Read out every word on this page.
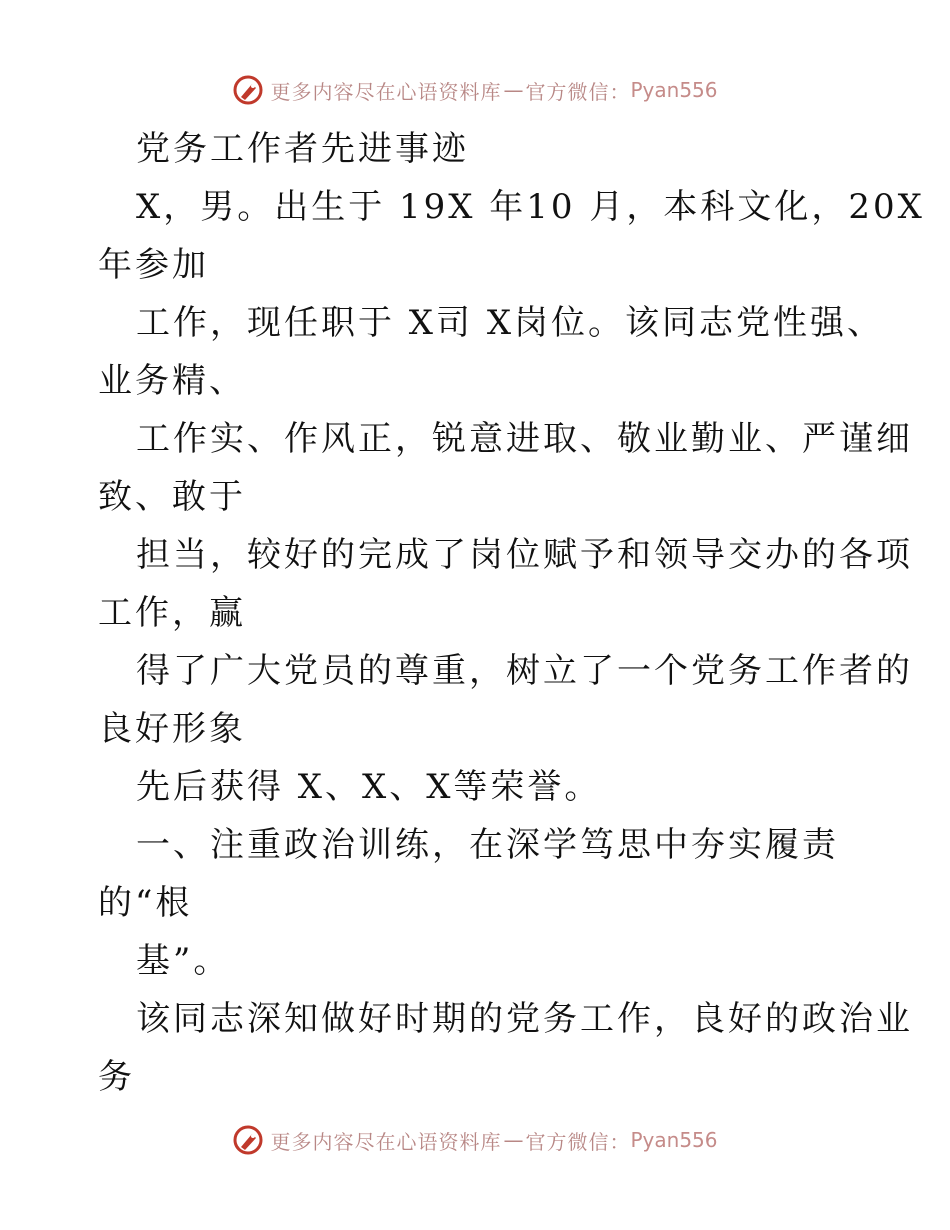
更多内容尽在心语资料库 — 官方微信： Pyan556
党务工作者先进事迹
X，男。出生于 19X 年10 月，本科文化，20X
年参加
工作，现任职于 X司 X岗位。该同志党性强、
业务精、
工作实、作风正，锐意进取、敬业勤业、严谨细
致、敢于
担当，较好的完成了岗位赋予和领导交办的各项
工作，赢
得了广大党员的尊重，树立了一个党务工作者的
良好形象
先后获得 X、X、X等荣誉。
一、注重政治训练，在深学笃思中夯实履责
的“根
基”。
该同志深知做好时期的党务工作，良好的政治业
务
更多内容尽在心语资料库 — 官方微信： Pyan556
